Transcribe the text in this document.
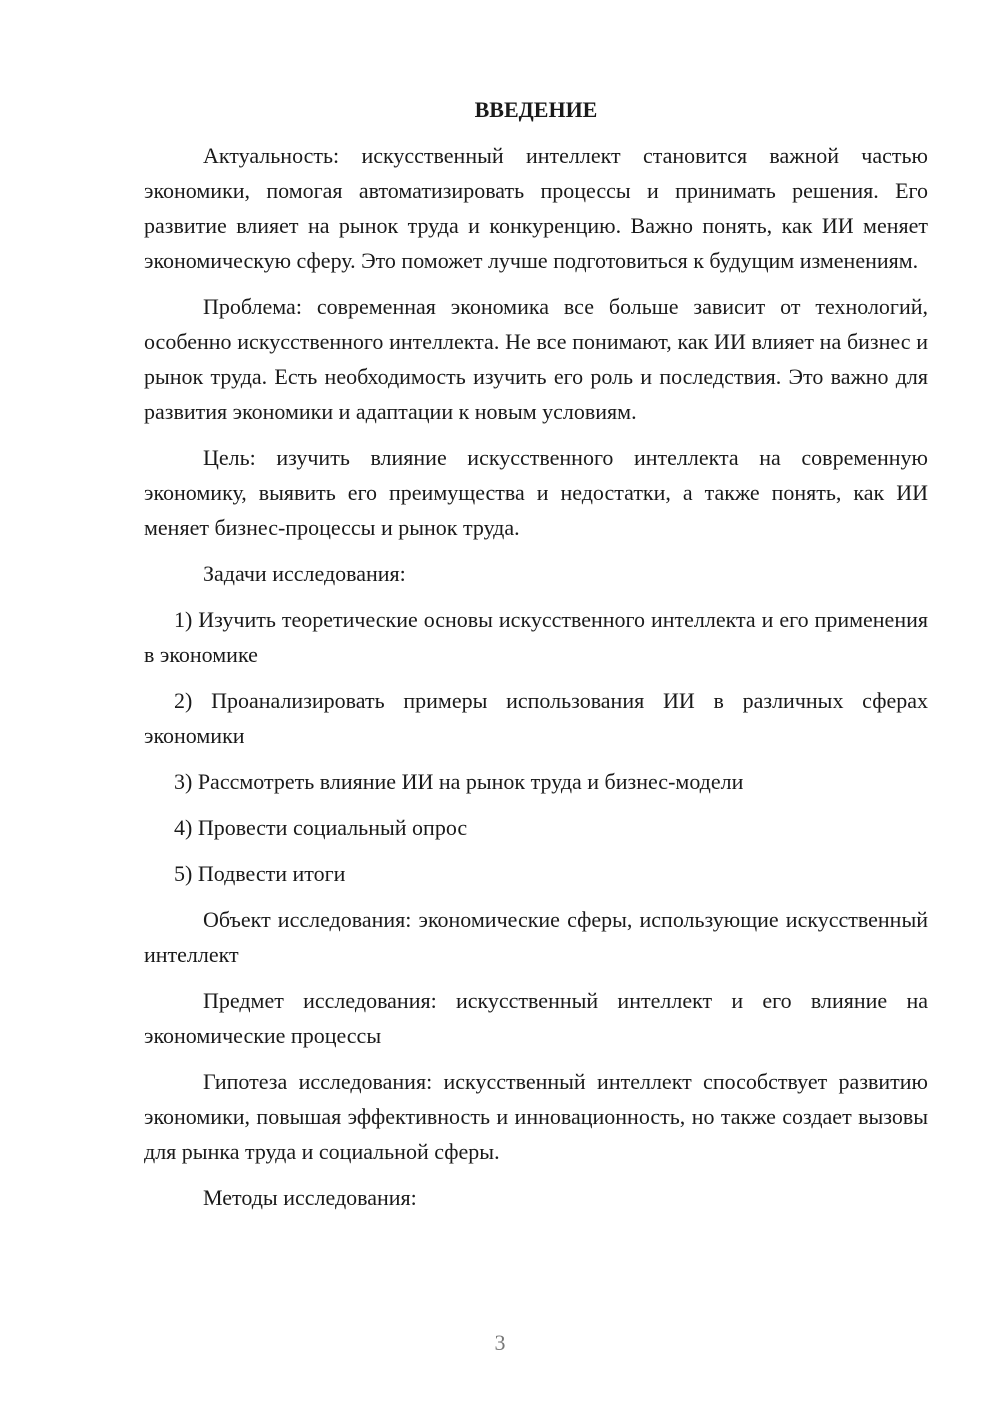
ВВЕДЕНИЕ

Актуальность: искусственный интеллект становится важной частью экономики, помогая автоматизировать процессы и принимать решения. Его развитие влияет на рынок труда и конкуренцию. Важно понять, как ИИ меняет экономическую сферу. Это поможет лучше подготовиться к будущим изменениям.

Проблема: современная экономика все больше зависит от технологий, особенно искусственного интеллекта. Не все понимают, как ИИ влияет на бизнес и рынок труда. Есть необходимость изучить его роль и последствия. Это важно для развития экономики и адаптации к новым условиям.

Цель: изучить влияние искусственного интеллекта на современную экономику, выявить его преимущества и недостатки, а также понять, как ИИ меняет бизнес-процессы и рынок труда.

Задачи исследования:

1) Изучить теоретические основы искусственного интеллекта и его применения в экономике

2) Проанализировать примеры использования ИИ в различных сферах экономики

3) Рассмотреть влияние ИИ на рынок труда и бизнес-модели

4) Провести социальный опрос

5) Подвести итоги

Объект исследования: экономические сферы, использующие искусственный интеллект

Предмет исследования: искусственный интеллект и его влияние на экономические процессы

Гипотеза исследования: искусственный интеллект способствует развитию экономики, повышая эффективность и инновационность, но также создает вызовы для рынка труда и социальной сферы.

Методы исследования:

3
